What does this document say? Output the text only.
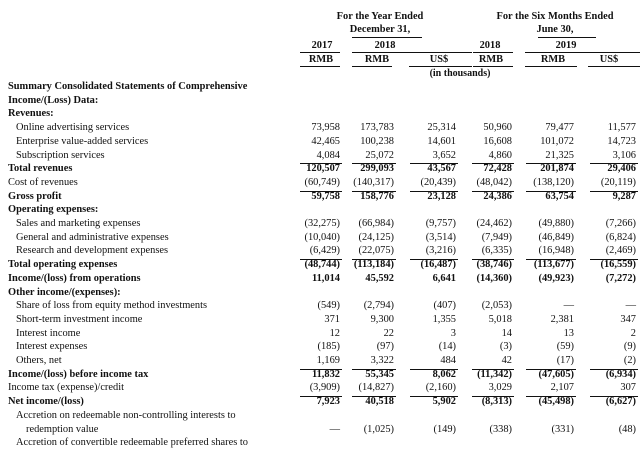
For the Year Ended
December 31,
For the Six Months Ended
June 30,
2017	2018	2018	2019
RMB	RMB	US$	RMB	RMB	US$
(in thousands)
Summary Consolidated Statements of Comprehensive
Income/(Loss) Data:
Revenues:
Online advertising services	73,958	173,783	25,314	50,960	79,477	11,577
Enterprise value-added services	42,465	100,238	14,601	16,608	101,072	14,723
Subscription services	4,084	25,072	3,652	4,860	21,325	3,106
Total revenues	120,507	299,093	43,567	72,428	201,874	29,406
Cost of revenues	(60,749)	(140,317)	(20,439)	(48,042)	(138,120)	(20,119)
Gross profit	59,758	158,776	23,128	24,386	63,754	9,287
Operating expenses:
Sales and marketing expenses	(32,275)	(66,984)	(9,757)	(24,462)	(49,880)	(7,266)
General and administrative expenses	(10,040)	(24,125)	(3,514)	(7,949)	(46,849)	(6,824)
Research and development expenses	(6,429)	(22,075)	(3,216)	(6,335)	(16,948)	(2,469)
Total operating expenses	(48,744)	(113,184)	(16,487)	(38,746)	(113,677)	(16,559)
Income/(loss) from operations	11,014	45,592	6,641	(14,360)	(49,923)	(7,272)
Other income/(expenses):
Share of loss from equity method investments	(549)	(2,794)	(407)	(2,053)	—	—
Short-term investment income	371	9,300	1,355	5,018	2,381	347
Interest income	12	22	3	14	13	2
Interest expenses	(185)	(97)	(14)	(3)	(59)	(9)
Others, net	1,169	3,322	484	42	(17)	(2)
Income/(loss) before income tax	11,832	55,345	8,062	(11,342)	(47,605)	(6,934)
Income tax (expense)/credit	(3,909)	(14,827)	(2,160)	3,029	2,107	307
Net income/(loss)	7,923	40,518	5,902	(8,313)	(45,498)	(6,627)
Accretion on redeemable non-controlling interests to
redemption value	—	(1,025)	(149)	(338)	(331)	(48)
Accretion of convertible redeemable preferred shares to
